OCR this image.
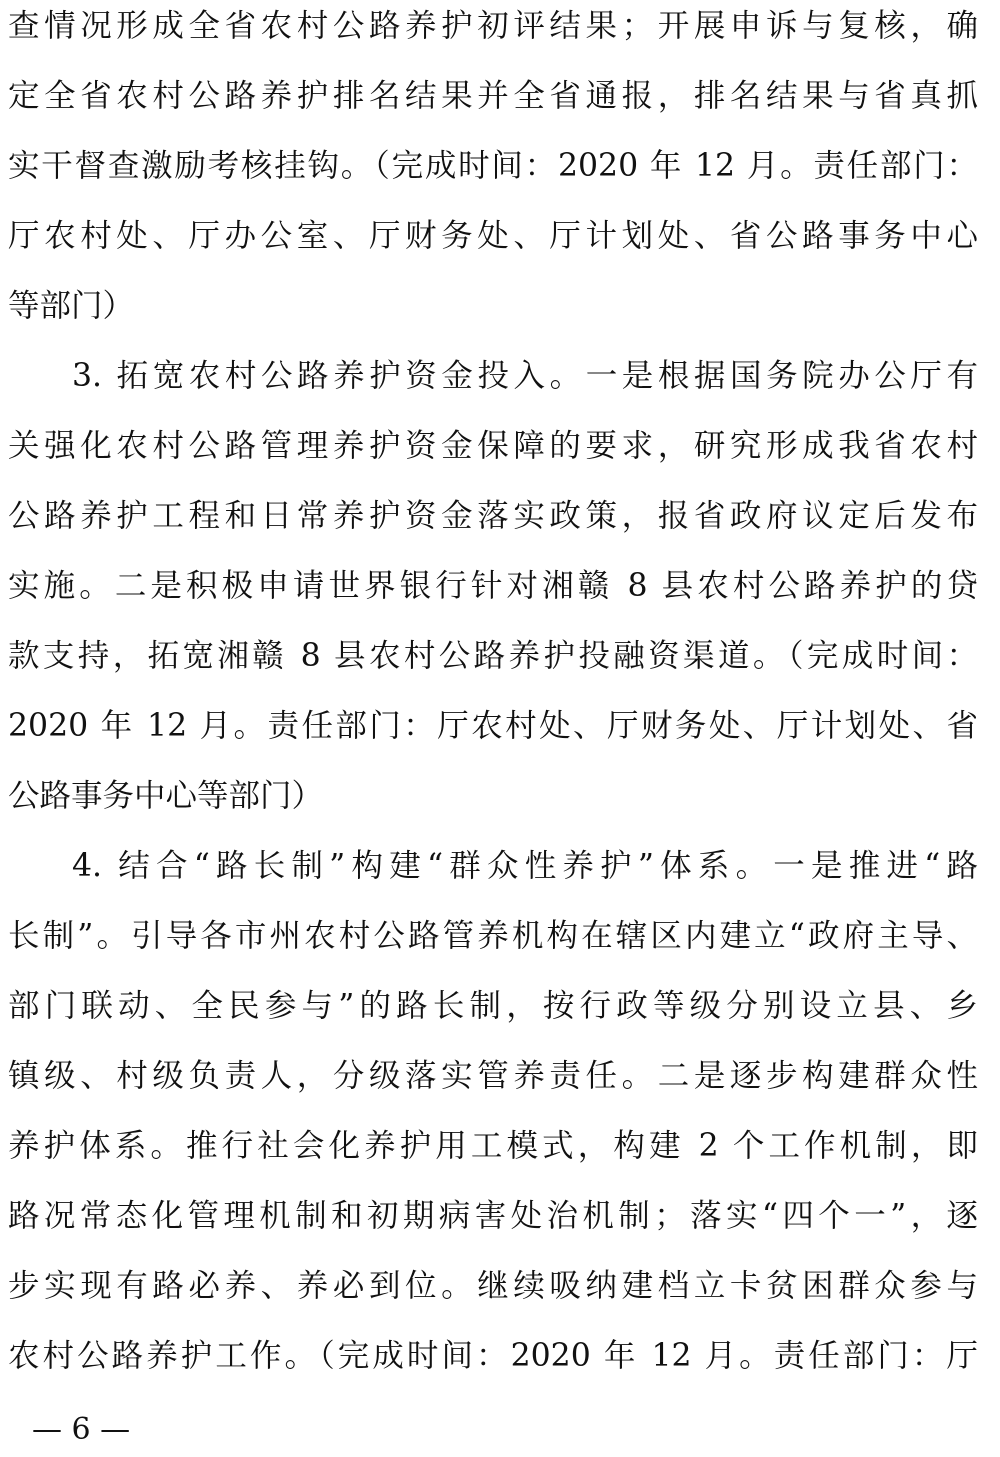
查情况形成全省农村公路养护初评结果；开展申诉与复核，确
定全省农村公路养护排名结果并全省通报，排名结果与省真抓
实干督查激励考核挂钩。（完成时间：2020 年 12 月。责任部门：
厅农村处、厅办公室、厅财务处、厅计划处、省公路事务中心
等部门）
3. 拓宽农村公路养护资金投入。一是根据国务院办公厅有
关强化农村公路管理养护资金保障的要求，研究形成我省农村
公路养护工程和日常养护资金落实政策，报省政府议定后发布
实施。二是积极申请世界银行针对湘赣 8 县农村公路养护的贷
款支持，拓宽湘赣 8 县农村公路养护投融资渠道。（完成时间：
2020 年 12 月。责任部门：厅农村处、厅财务处、厅计划处、省
公路事务中心等部门）
4. 结合“路长制”构建“群众性养护”体系。一是推进“路
长制”。引导各市州农村公路管养机构在辖区内建立“政府主导、
部门联动、全民参与”的路长制，按行政等级分别设立县、乡
镇级、村级负责人，分级落实管养责任。二是逐步构建群众性
养护体系。推行社会化养护用工模式，构建 2 个工作机制，即
路况常态化管理机制和初期病害处治机制；落实“四个一”，逐
步实现有路必养、养必到位。继续吸纳建档立卡贫困群众参与
农村公路养护工作。（完成时间：2020 年 12 月。责任部门：厅
— 6 —
